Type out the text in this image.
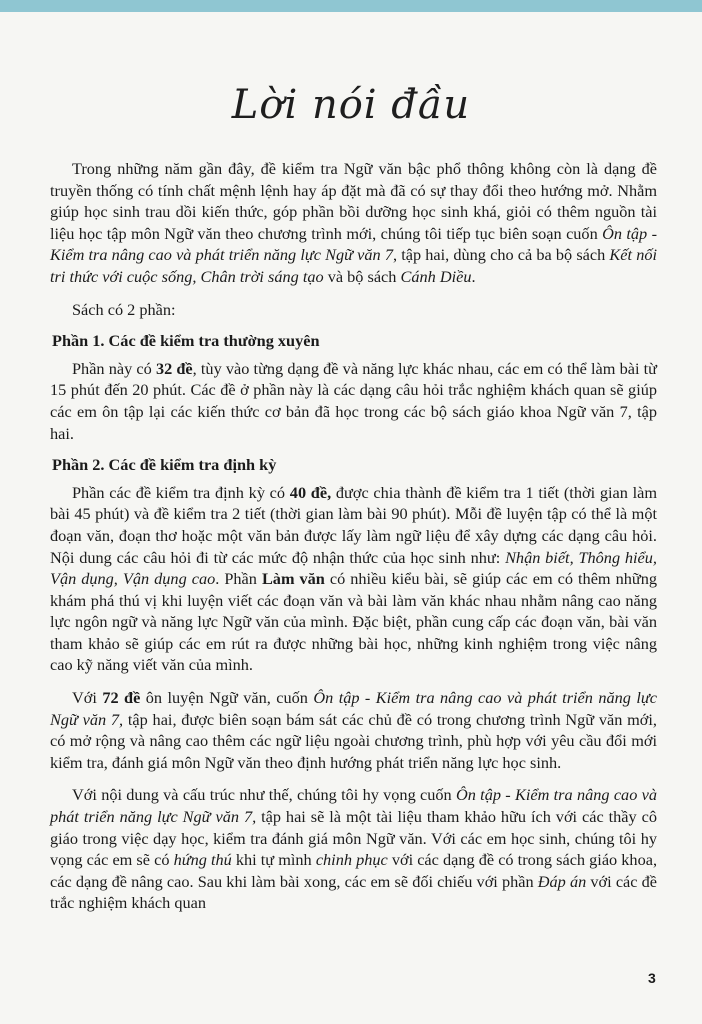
Lời nói đầu

Trong những năm gần đây, đề kiểm tra Ngữ văn bậc phổ thông không còn là dạng đề truyền thống có tính chất mệnh lệnh hay áp đặt mà đã có sự thay đổi theo hướng mở. Nhằm giúp học sinh trau dồi kiến thức, góp phần bồi dưỡng học sinh khá, giỏi có thêm nguồn tài liệu học tập môn Ngữ văn theo chương trình mới, chúng tôi tiếp tục biên soạn cuốn Ôn tập - Kiểm tra nâng cao và phát triển năng lực Ngữ văn 7, tập hai, dùng cho cả ba bộ sách Kết nối tri thức với cuộc sống, Chân trời sáng tạo và bộ sách Cánh Diều.

Sách có 2 phần:

Phần 1. Các đề kiểm tra thường xuyên

Phần này có 32 đề, tùy vào từng dạng đề và năng lực khác nhau, các em có thể làm bài từ 15 phút đến 20 phút. Các đề ở phần này là các dạng câu hỏi trắc nghiệm khách quan sẽ giúp các em ôn tập lại các kiến thức cơ bản đã học trong các bộ sách giáo khoa Ngữ văn 7, tập hai.

Phần 2. Các đề kiểm tra định kỳ

Phần các đề kiểm tra định kỳ có 40 đề, được chia thành đề kiểm tra 1 tiết (thời gian làm bài 45 phút) và đề kiểm tra 2 tiết (thời gian làm bài 90 phút). Mỗi đề luyện tập có thể là một đoạn văn, đoạn thơ hoặc một văn bản được lấy làm ngữ liệu để xây dựng các dạng câu hỏi. Nội dung các câu hỏi đi từ các mức độ nhận thức của học sinh như: Nhận biết, Thông hiểu, Vận dụng, Vận dụng cao. Phần Làm văn có nhiều kiểu bài, sẽ giúp các em có thêm những khám phá thú vị khi luyện viết các đoạn văn và bài làm văn khác nhau nhằm nâng cao năng lực ngôn ngữ và năng lực Ngữ văn của mình. Đặc biệt, phần cung cấp các đoạn văn, bài văn tham khảo sẽ giúp các em rút ra được những bài học, những kinh nghiệm trong việc nâng cao kỹ năng viết văn của mình.

Với 72 đề ôn luyện Ngữ văn, cuốn Ôn tập - Kiểm tra nâng cao và phát triển năng lực Ngữ văn 7, tập hai, được biên soạn bám sát các chủ đề có trong chương trình Ngữ văn mới, có mở rộng và nâng cao thêm các ngữ liệu ngoài chương trình, phù hợp với yêu cầu đổi mới kiểm tra, đánh giá môn Ngữ văn theo định hướng phát triển năng lực học sinh.

Với nội dung và cấu trúc như thế, chúng tôi hy vọng cuốn Ôn tập - Kiểm tra nâng cao và phát triển năng lực Ngữ văn 7, tập hai sẽ là một tài liệu tham khảo hữu ích với các thầy cô giáo trong việc dạy học, kiểm tra đánh giá môn Ngữ văn. Với các em học sinh, chúng tôi hy vọng các em sẽ có hứng thú khi tự mình chinh phục với các dạng đề có trong sách giáo khoa, các dạng đề nâng cao. Sau khi làm bài xong, các em sẽ đối chiếu với phần Đáp án với các đề trắc nghiệm khách quan

3
